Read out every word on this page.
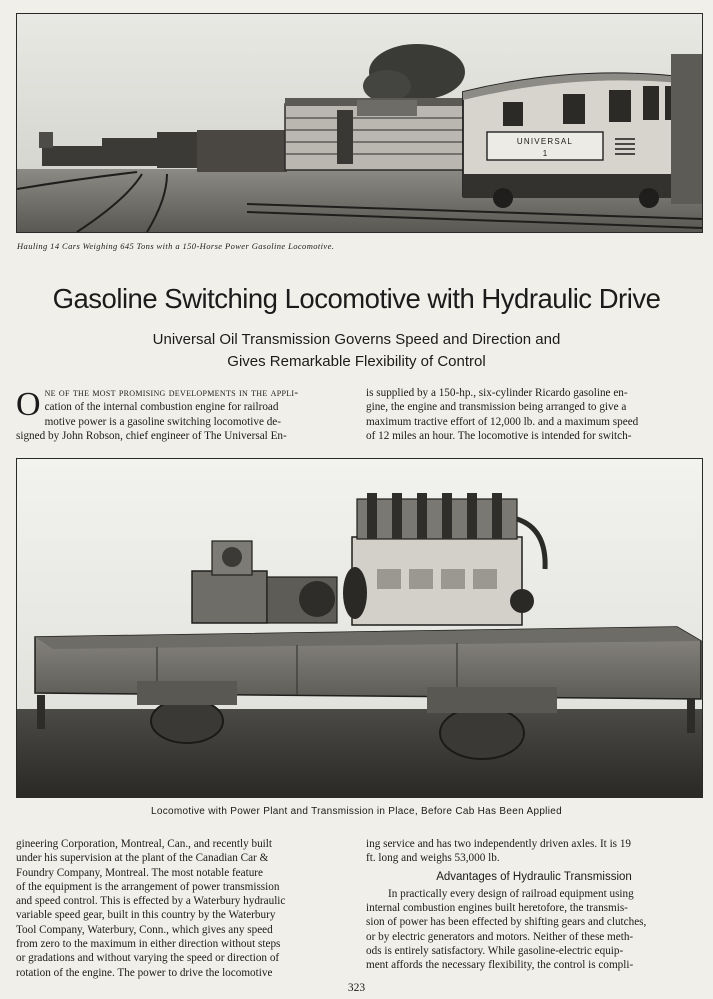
UNIVERSAL
1
Hauling 14 Cars Weighing 645 Tons with a 150-Horse Power Gasoline Locomotive.
Gasoline Switching Locomotive with Hydraulic Drive
Universal Oil Transmission Governs Speed and Direction and
Gives Remarkable Flexibility of Control
O ne of the most promising developments in the appli-
cation of the internal combustion engine for railroad
motive power is a gasoline switching locomotive de-
signed by John Robson, chief engineer of The Universal En-
is supplied by a 150-hp., six-cylinder Ricardo gasoline en-
gine, the engine and transmission being arranged to give a
maximum tractive effort of 12,000 lb. and a maximum speed
of 12 miles an hour. The locomotive is intended for switch-
Locomotive with Power Plant and Transmission in Place, Before Cab Has Been Applied
gineering Corporation, Montreal, Can., and recently built
under his supervision at the plant of the Canadian Car &
Foundry Company, Montreal. The most notable feature
of the equipment is the arrangement of power transmission
and speed control. This is effected by a Waterbury hydraulic
variable speed gear, built in this country by the Waterbury
Tool Company, Waterbury, Conn., which gives any speed
from zero to the maximum in either direction without steps
or gradations and without varying the speed or direction of
rotation of the engine. The power to drive the locomotive
ing service and has two independently driven axles. It is 19
ft. long and weighs 53,000 lb.
Advantages of Hydraulic Transmission
In practically every design of railroad equipment using
internal combustion engines built heretofore, the transmis-
sion of power has been effected by shifting gears and clutches,
or by electric generators and motors. Neither of these meth-
ods is entirely satisfactory. While gasoline-electric equip-
ment affords the necessary flexibility, the control is compli-
323
